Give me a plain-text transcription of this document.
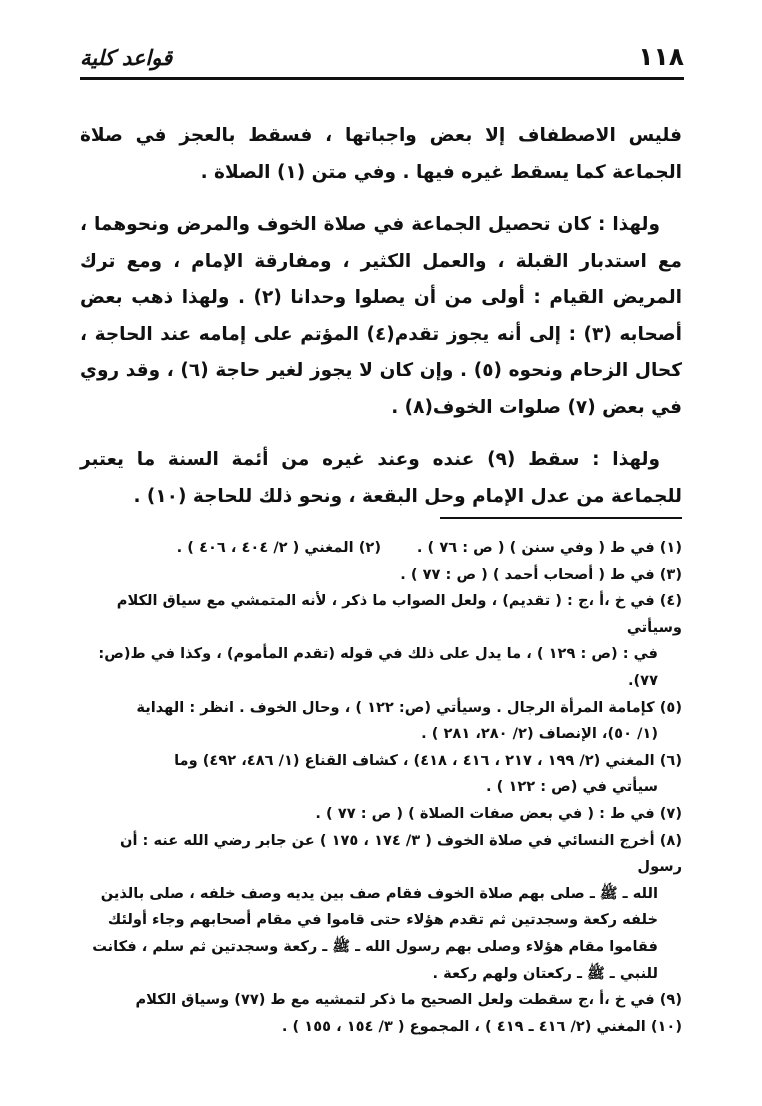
١١٨
قواعد كلية

فليس الاصطفاف إلا بعض واجباتها ، فسقط بالعجز في صلاة الجماعة كما يسقط غيره فيها . وفي متن (١) الصلاة .

ولهذا : كان تحصيل الجماعة في صلاة الخوف والمرض ونحوهما ، مع استدبار القبلة ، والعمل الكثير ، ومفارقة الإمام ، ومع ترك المريض القيام : أولى من أن يصلوا وحدانا (٢) . ولهذا ذهب بعض أصحابه (٣) : إلى أنه يجوز تقدم(٤) المؤتم على إمامه عند الحاجة ، كحال الزحام ونحوه (٥) . وإن كان لا يجوز لغير حاجة (٦) ، وقد روي في بعض (٧) صلوات الخوف(٨) .

ولهذا : سقط (٩) عنده وعند غيره من أئمة السنة ما يعتبر للجماعة من عدل الإمام وحل البقعة ، ونحو ذلك للحاجة (١٠) .

(١) في ط ( وفي سنن ) ( ص : ٧٦ ) .
(٢) المغني ( ٢/ ٤٠٤ ، ٤٠٦ ) .
(٣) في ط ( أصحاب أحمد ) ( ص : ٧٧ ) .
(٤) في خ ،أ ،ج : ( تقديم) ، ولعل الصواب ما ذكر ، لأنه المتمشي مع سياق الكلام وسيأتي
في : (ص : ١٢٩ ) ، ما يدل على ذلك في قوله (تقدم المأموم) ، وكذا في ط(ص: ٧٧).
(٥) كإمامة المرأة الرجال . وسيأتي (ص: ١٢٢ ) ، وحال الخوف . انظر : الهداية
(١/ ٥٠)، الإنصاف (٢/ ٢٨٠، ٢٨١ ) .
(٦) المغني (٢/ ١٩٩ ، ٢١٧ ، ٤١٦ ، ٤١٨) ، كشاف القناع (١/ ٤٨٦، ٤٩٢) وما
سيأتي في (ص : ١٢٢ ) .
(٧) في ط : ( في بعض صفات الصلاة ) ( ص : ٧٧ ) .
(٨) أخرج النسائي في صلاة الخوف ( ٣/ ١٧٤ ، ١٧٥ ) عن جابر رضي الله عنه : أن رسول
الله ـ ﷺ ـ صلى بهم صلاة الخوف فقام صف بين يديه وصف خلفه ، صلى بالذين خلفه ركعة وسجدتين ثم تقدم هؤلاء حتى قاموا في مقام أصحابهم وجاء أولئك فقاموا مقام هؤلاء وصلى بهم رسول الله ـ ﷺ ـ ركعة وسجدتين ثم سلم ، فكانت للنبي ـ ﷺ ـ ركعتان ولهم ركعة .
(٩) في خ ،أ ،ج سقطت ولعل الصحيح ما ذكر لتمشيه مع ط (٧٧) وسياق الكلام
(١٠) المغني (٢/ ٤١٦ ـ ٤١٩ ) ، المجموع ( ٣/ ١٥٤ ، ١٥٥ ) .
